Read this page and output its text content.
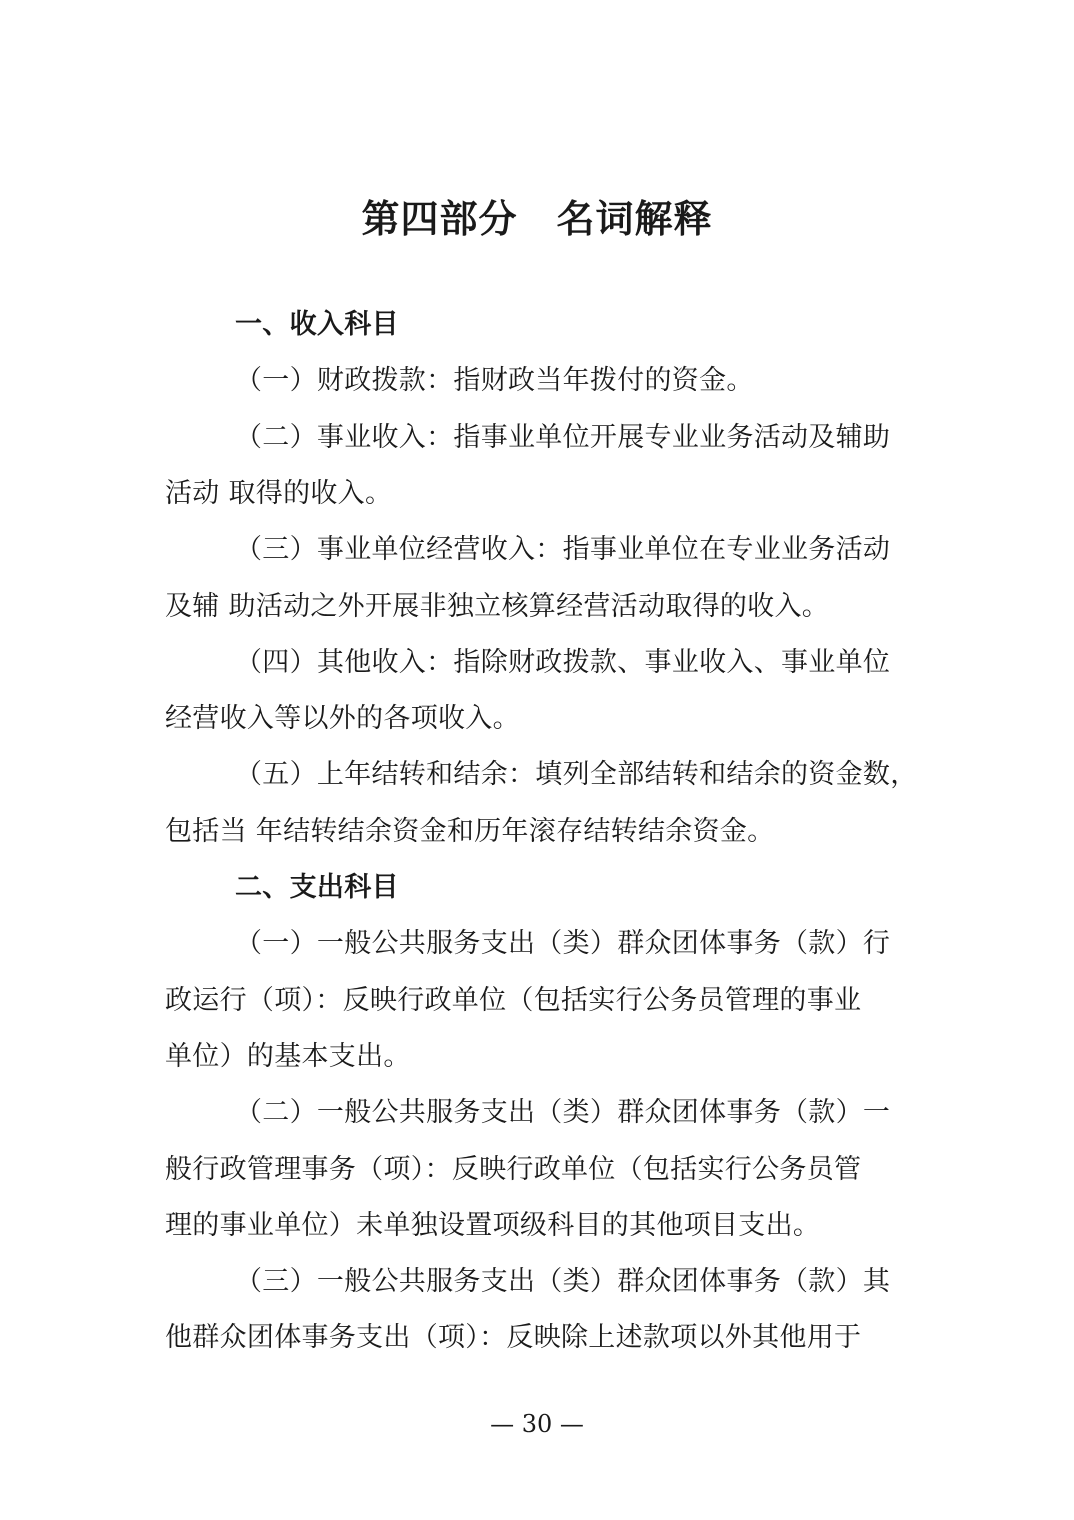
第四部分　名词解释
一、收入科目
（一）财政拨款：指财政当年拨付的资金。
（二）事业收入：指事业单位开展专业业务活动及辅助
活动 取得的收入。
（三）事业单位经营收入：指事业单位在专业业务活动
及辅 助活动之外开展非独立核算经营活动取得的收入。
（四）其他收入：指除财政拨款、事业收入、事业单位
经营收入等以外的各项收入。
（五）上年结转和结余：填列全部结转和结余的资金数，
包括当 年结转结余资金和历年滚存结转结余资金。
二、支出科目
（一）一般公共服务支出（类）群众团体事务（款）行
政运行（项）：反映行政单位（包括实行公务员管理的事业
单位）的基本支出。
（二）一般公共服务支出（类）群众团体事务（款）一
般行政管理事务（项）：反映行政单位（包括实行公务员管
理的事业单位）未单独设置项级科目的其他项目支出。
（三）一般公共服务支出（类）群众团体事务（款）其
他群众团体事务支出（项）：反映除上述款项以外其他用于
— 30 —
